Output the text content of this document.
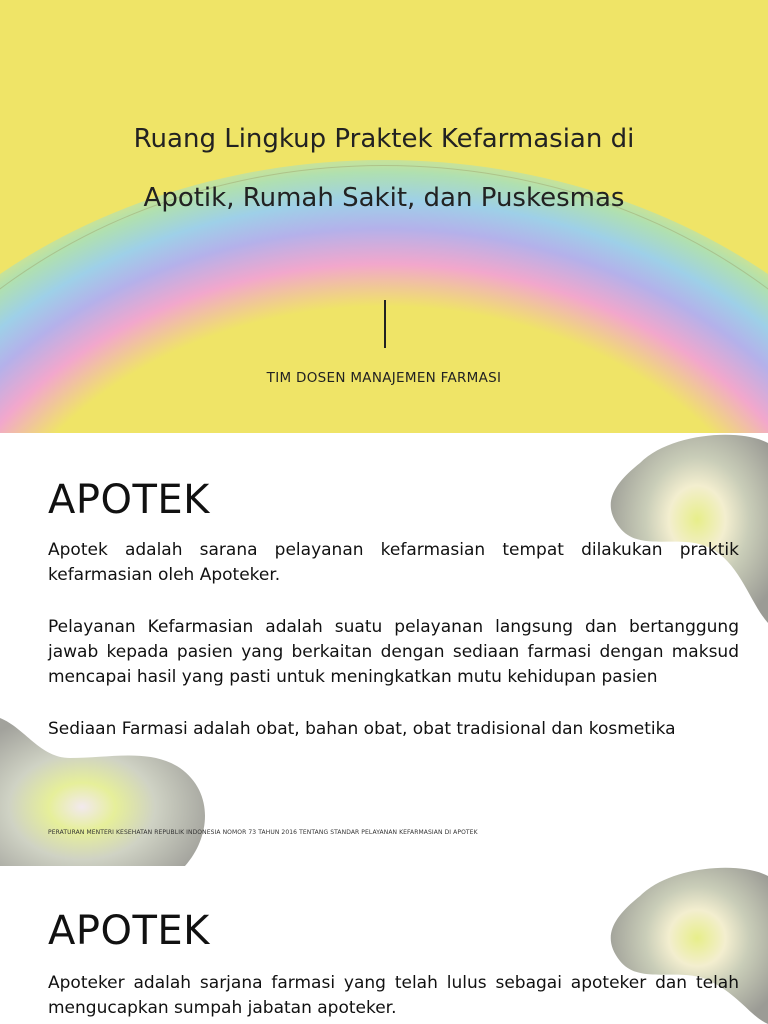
Ruang Lingkup Praktek Kefarmasian di
Apotik, Rumah Sakit, dan Puskesmas
TIM DOSEN MANAJEMEN FARMASI
APOTEK

Apotek adalah sarana pelayanan kefarmasian tempat dilakukan praktik kefarmasian oleh Apoteker.

Pelayanan Kefarmasian adalah suatu pelayanan langsung dan bertanggung jawab kepada pasien yang berkaitan dengan sediaan farmasi dengan maksud mencapai hasil yang pasti untuk meningkatkan mutu kehidupan pasien

Sediaan Farmasi adalah obat, bahan obat, obat tradisional dan kosmetika

PERATURAN MENTERI KESEHATAN REPUBLIK INDONESIA NOMOR 73 TAHUN 2016 TENTANG STANDAR PELAYANAN KEFARMASIAN DI APOTEK

APOTEK

Apoteker adalah sarjana farmasi yang telah lulus sebagai apoteker dan telah mengucapkan sumpah jabatan apoteker.
